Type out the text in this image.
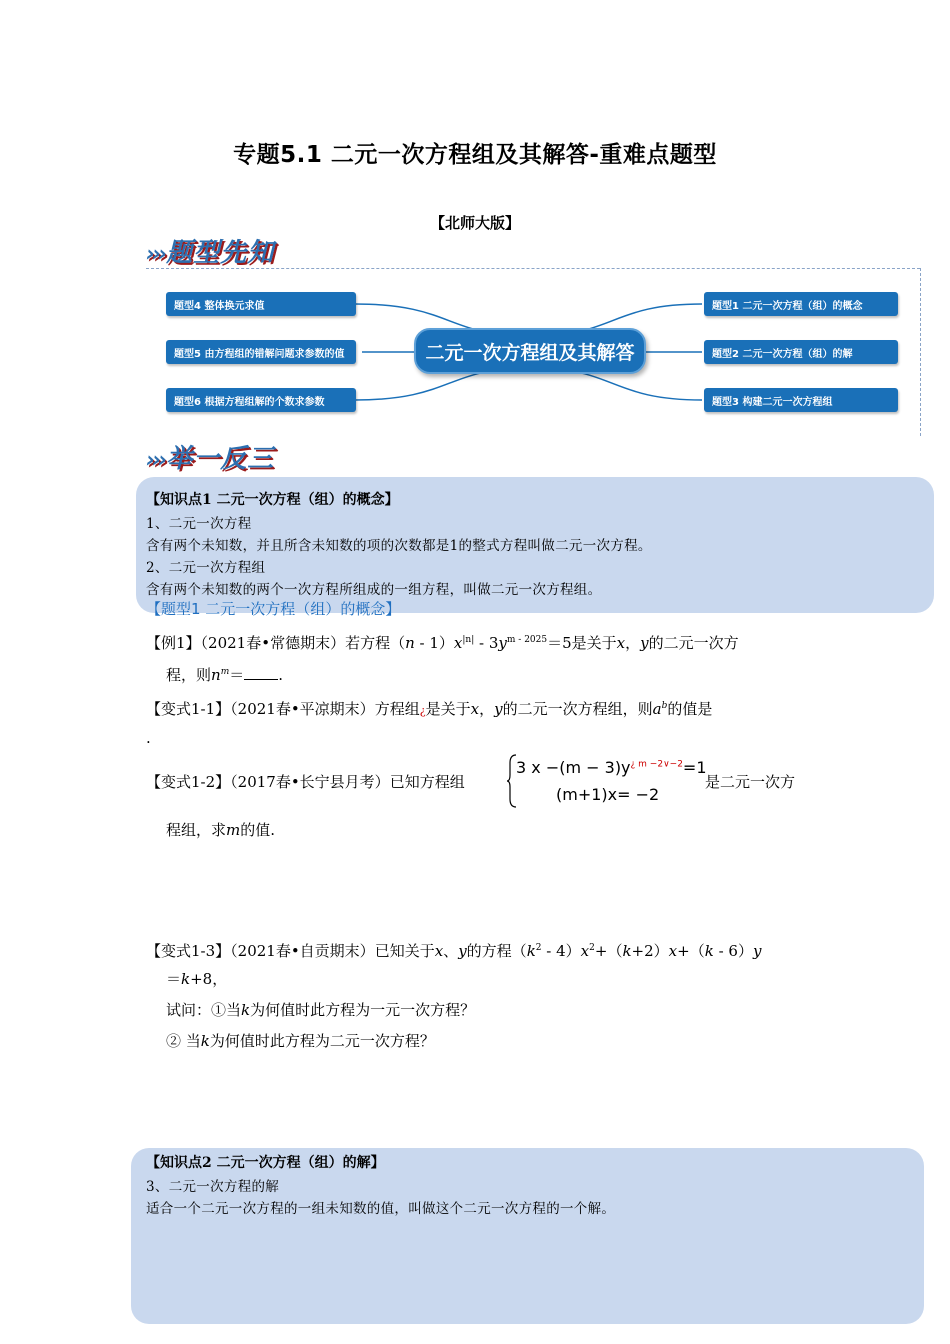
专题5.1 二元一次方程组及其解答-重难点题型
【北师大版】
›››题型先知
题型4 整体换元求值
题型5 由方程组的错解问题求参数的值
题型6 根据方程组解的个数求参数
二元一次方程组及其解答
题型1 二元一次方程（组）的概念
题型2 二元一次方程（组）的解
题型3 构建二元一次方程组
›››举一反三
【知识点1 二元一次方程（组）的概念】
1、二元一次方程
含有两个未知数，并且所含未知数的项的次数都是1的整式方程叫做二元一次方程。
2、二元一次方程组
含有两个未知数的两个一次方程所组成的一组方程，叫做二元一次方程组。
【题型1 二元一次方程（组）的概念】
【例1】（2021春•常德期末）若方程$(n - 1)x^{|n|} - 3y^{m - 2025}=5$是关于x，y的二元一次方
程，则$n^m=$ .
【变式1-1】（2021春•平凉期末）方程组¿是关于x，y的二元一次方程组，则$a^b$的值是
.
【变式1-2】（2017春•长宁县月考）已知方程组
3 $x -(m - 3)y^{¿ m -2\vee-2}=1$
(m+1)x= −2
是二元一次方
程组，求m的值.
【变式1-3】（2021春•自贡期末）已知关于x、y的方程$(k^2 - 4)x^2+(k+2)x+(k - 6)y$
＝k+8，
试问：①当k为何值时此方程为一元一次方程？
② 当k为何值时此方程为二元一次方程？
【知识点2 二元一次方程（组）的解】
3、二元一次方程的解
适合一个二元一次方程的一组未知数的值，叫做这个二元一次方程的一个解。
